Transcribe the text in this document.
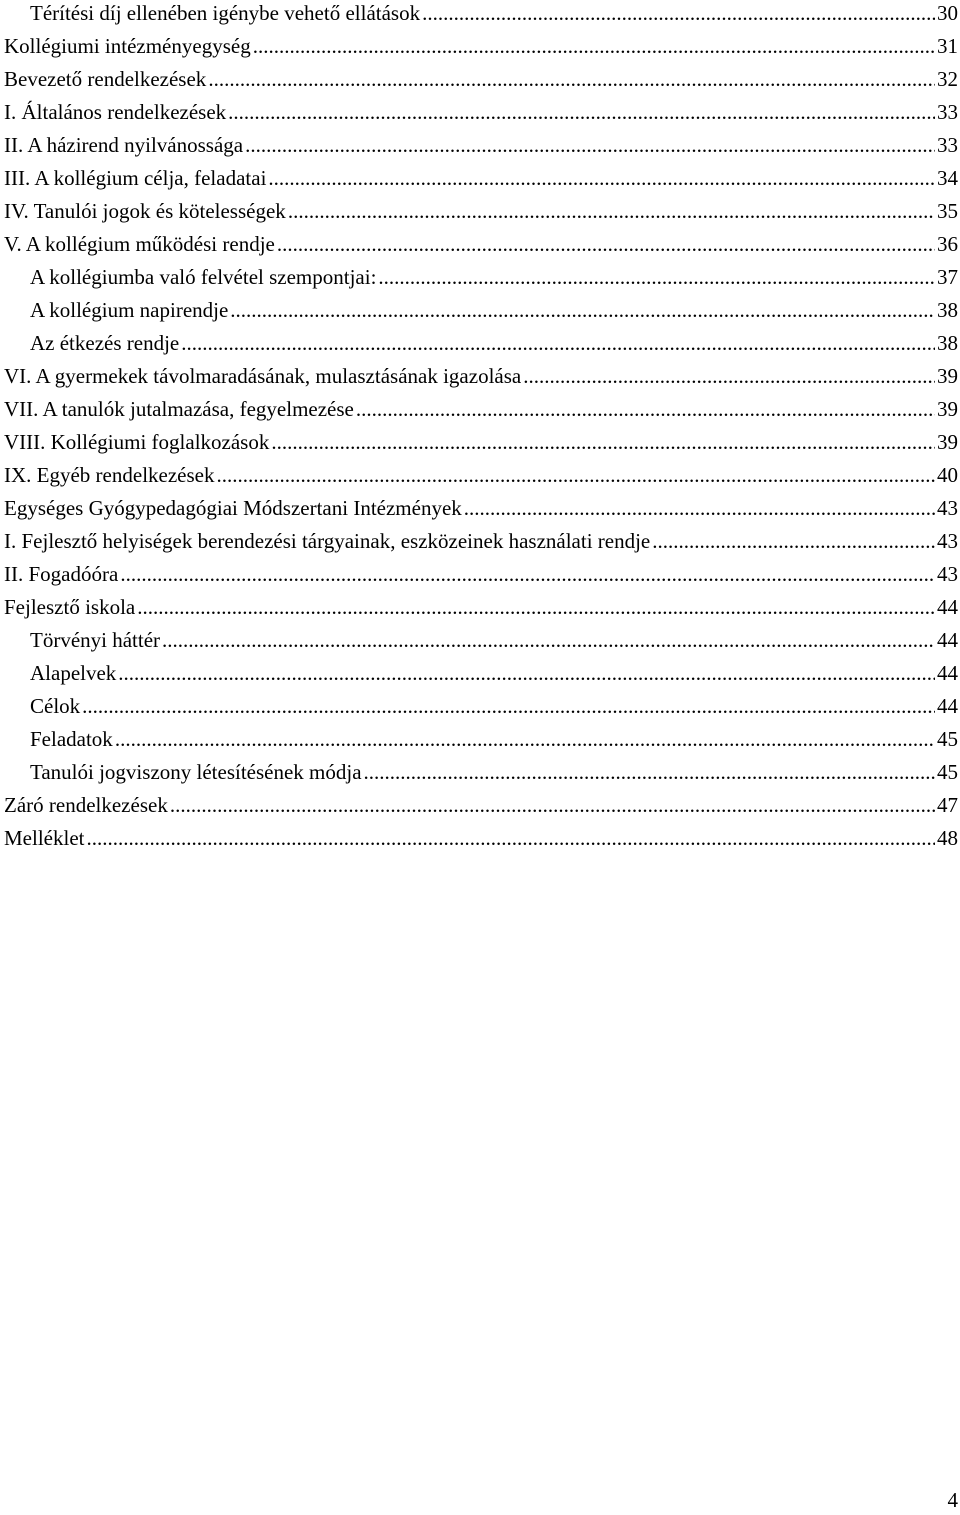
Térítési díj ellenében igénybe vehető ellátások .....	30
Kollégiumi intézményegység .....	31
Bevezető rendelkezések .....	32
I. Általános rendelkezések .....	33
II. A házirend nyilvánossága .....	33
III. A kollégium célja, feladatai .....	34
IV. Tanulói jogok és kötelességek .....	35
V. A kollégium működési rendje .....	36
A kollégiumba való felvétel szempontjai: .....	37
A kollégium napirendje .....	38
Az étkezés rendje .....	38
VI. A gyermekek távolmaradásának, mulasztásának igazolása .....	39
VII. A tanulók jutalmazása, fegyelmezése .....	39
VIII. Kollégiumi foglalkozások .....	39
IX. Egyéb rendelkezések .....	40
Egységes Gyógypedagógiai Módszertani Intézmények .....	43
I. Fejlesztő helyiségek berendezési tárgyainak, eszközeinek használati rendje .....	43
II. Fogadóóra .....	43
Fejlesztő iskola .....	44
Törvényi háttér .....	44
Alapelvek .....	44
Célok .....	44
Feladatok .....	45
Tanulói jogviszony létesítésének módja .....	45
Záró rendelkezések .....	47
Melléklet .....	48
4
